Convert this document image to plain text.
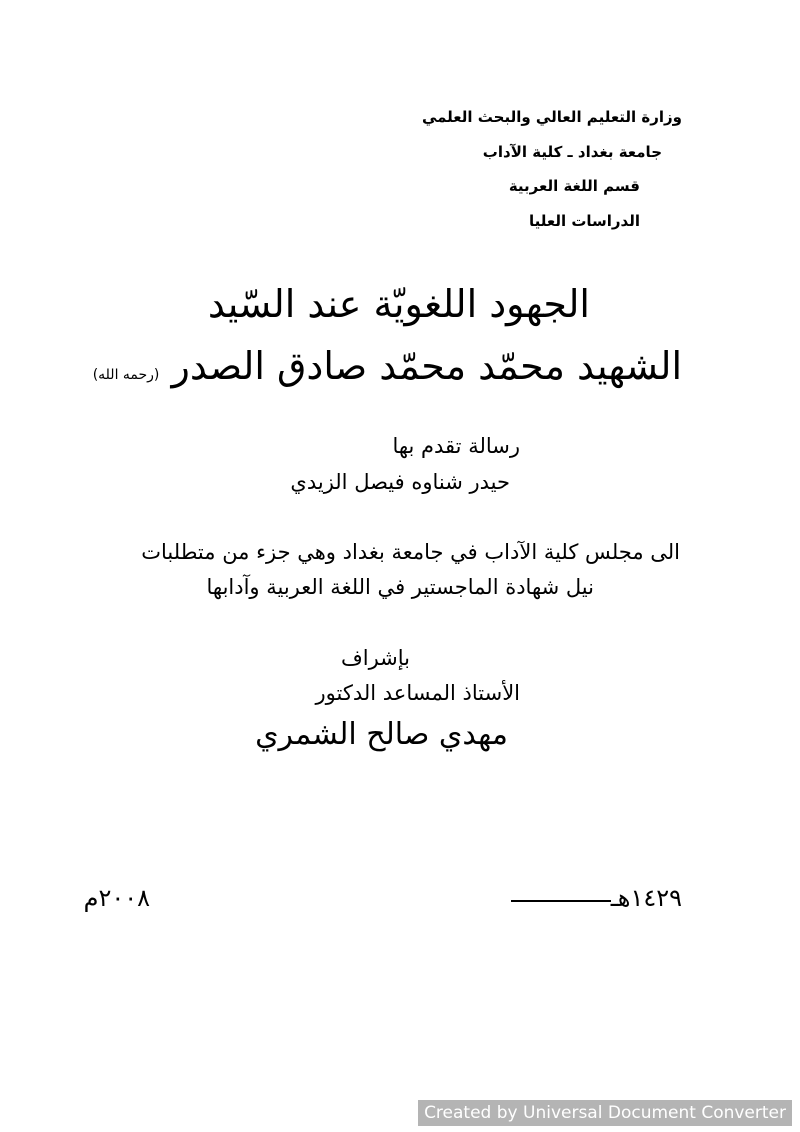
وزارة التعليم العالي والبحث العلمي

جامعة بغداد ـ كلية الآداب

قسم اللغة العربية

الدراسات العليا

الجهود اللغويّة عند السّيد

الشهيد محمّد محمّد صادق الصدر (رحمه الله)

رسالة تقدم بها

حيدر شناوه فيصل الزيدي

الى مجلس كلية الآداب في جامعة بغداد وهي جزء من متطلبات

نيل شهادة الماجستير في اللغة العربية وآدابها

بإشراف

الأستاذ المساعد الدكتور

مهدي صالح الشمري

١٤٢٩هـ

٢٠٠٨م

Created by Universal Document Converter
